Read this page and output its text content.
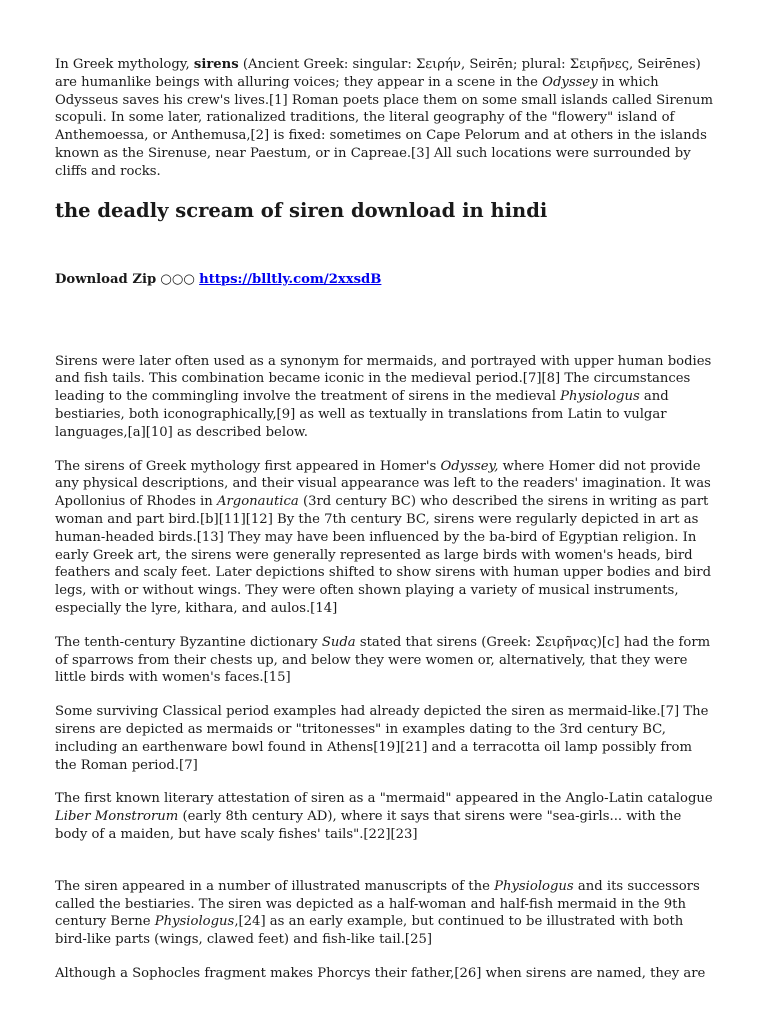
In Greek mythology, sirens (Ancient Greek: singular: Σειρήν, Seirēn; plural: Σειρῆνες, Seirēnes) are humanlike beings with alluring voices; they appear in a scene in the Odyssey in which Odysseus saves his crew's lives.[1] Roman poets place them on some small islands called Sirenum scopuli. In some later, rationalized traditions, the literal geography of the "flowery" island of Anthemoessa, or Anthemusa,[2] is fixed: sometimes on Cape Pelorum and at others in the islands known as the Sirenuse, near Paestum, or in Capreae.[3] All such locations were surrounded by cliffs and rocks.

the deadly scream of siren download in hindi
Download Zip ○○○ https://blltly.com/2xxsdB

Sirens were later often used as a synonym for mermaids, and portrayed with upper human bodies and fish tails. This combination became iconic in the medieval period.[7][8] The circumstances leading to the commingling involve the treatment of sirens in the medieval Physiologus and bestiaries, both iconographically,[9] as well as textually in translations from Latin to vulgar languages,[a][10] as described below.

The sirens of Greek mythology first appeared in Homer's Odyssey, where Homer did not provide any physical descriptions, and their visual appearance was left to the readers' imagination. It was Apollonius of Rhodes in Argonautica (3rd century BC) who described the sirens in writing as part woman and part bird.[b][11][12] By the 7th century BC, sirens were regularly depicted in art as human-headed birds.[13] They may have been influenced by the ba-bird of Egyptian religion. In early Greek art, the sirens were generally represented as large birds with women's heads, bird feathers and scaly feet. Later depictions shifted to show sirens with human upper bodies and bird legs, with or without wings. They were often shown playing a variety of musical instruments, especially the lyre, kithara, and aulos.[14]

The tenth-century Byzantine dictionary Suda stated that sirens (Greek: Σειρῆνας)[c] had the form of sparrows from their chests up, and below they were women or, alternatively, that they were little birds with women's faces.[15]

Some surviving Classical period examples had already depicted the siren as mermaid-like.[7] The sirens are depicted as mermaids or "tritonesses" in examples dating to the 3rd century BC, including an earthenware bowl found in Athens[19][21] and a terracotta oil lamp possibly from the Roman period.[7]

The first known literary attestation of siren as a "mermaid" appeared in the Anglo-Latin catalogue Liber Monstrorum (early 8th century AD), where it says that sirens were "sea-girls... with the body of a maiden, but have scaly fishes' tails".[22][23]

The siren appeared in a number of illustrated manuscripts of the Physiologus and its successors called the bestiaries. The siren was depicted as a half-woman and half-fish mermaid in the 9th century Berne Physiologus,[24] as an early example, but continued to be illustrated with both bird-like parts (wings, clawed feet) and fish-like tail.[25]

Although a Sophocles fragment makes Phorcys their father,[26] when sirens are named, they are
